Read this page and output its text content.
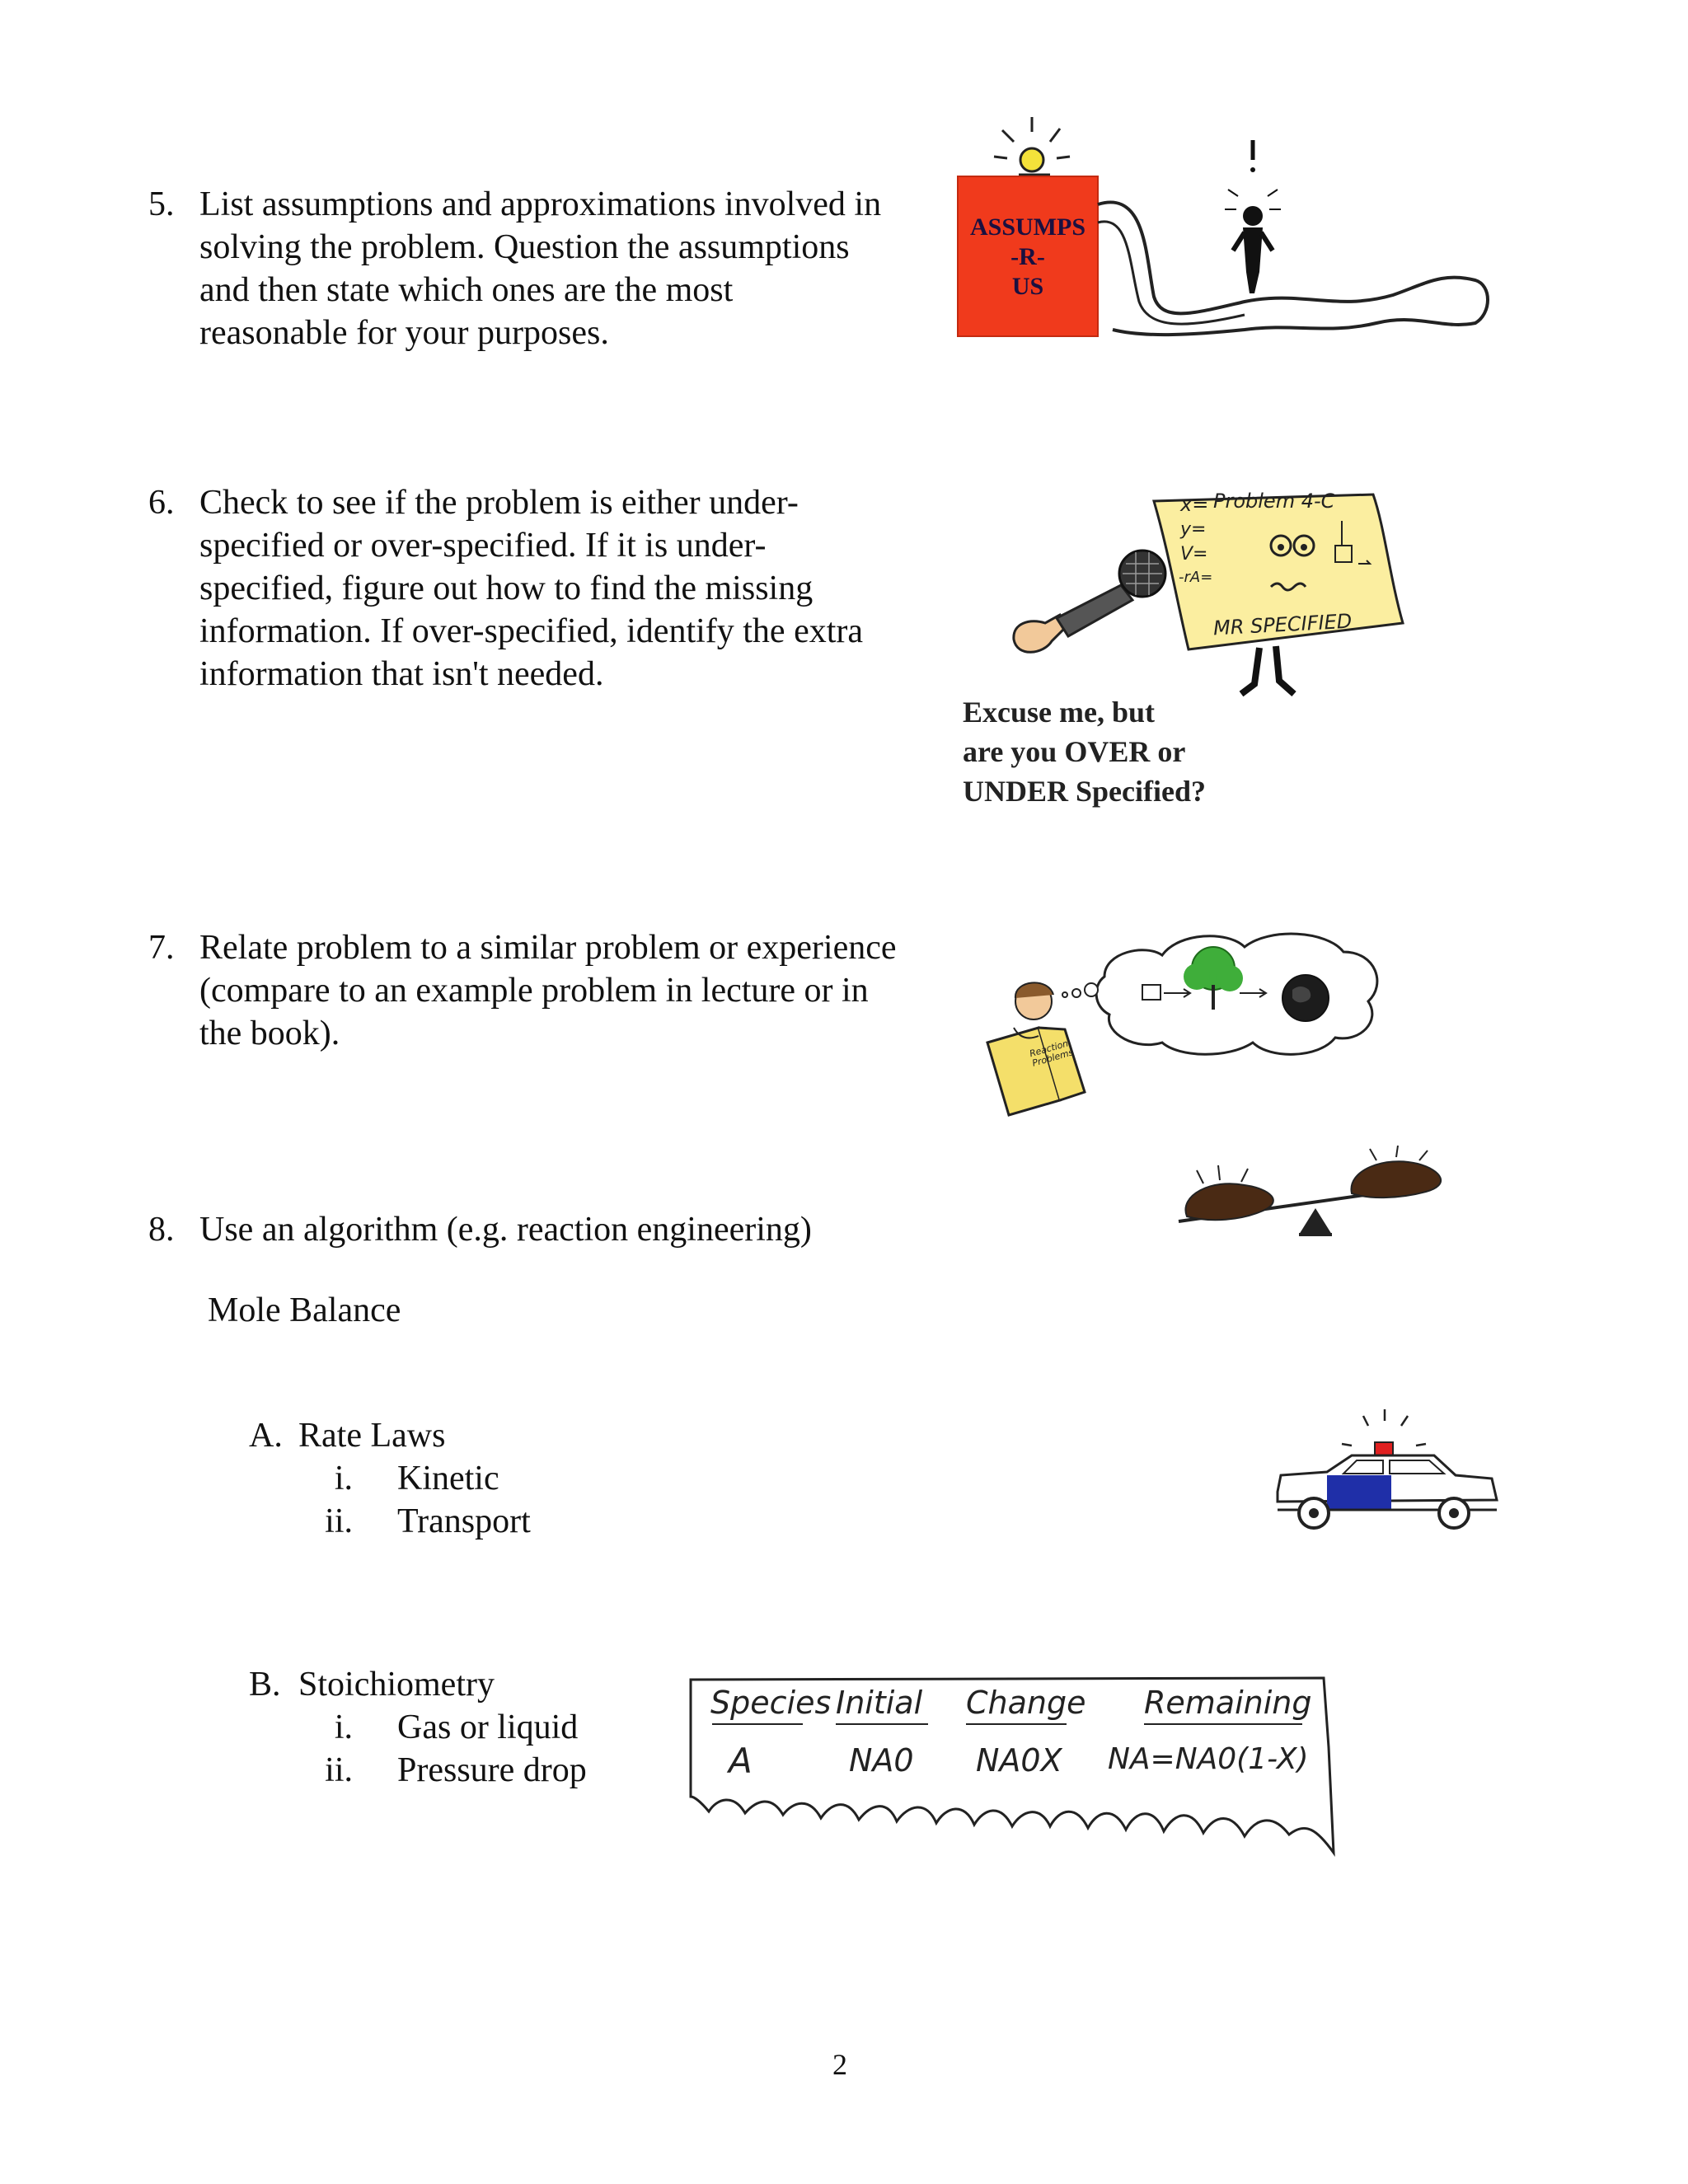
5. List assumptions and approximations involved in
solving the problem. Question the assumptions
and then state which ones are the most
reasonable for your purposes.
ASSUMPS
-R-
US
6. Check to see if the problem is either under-
specified or over-specified. If it is under-
specified, figure out how to find the missing
information. If over-specified, identify the extra
information that isn't needed.
x= Problem 4-C
y=
V=
-rA=
MR SPECIFIED
Excuse me, but
are you OVER or
UNDER Specified?
7. Relate problem to a similar problem or experience
(compare to an example problem in lecture or in
the book).	Reaction Problems
8. Use an algorithm (e.g. reaction engineering)
Mole Balance
A. Rate Laws
i. Kinetic
ii. Transport
B. Stoichiometry
i. Gas or liquid
ii. Pressure drop
Species Initial Change Remaining
A	NA0 NA0X NA=NA0(1-X)
2
